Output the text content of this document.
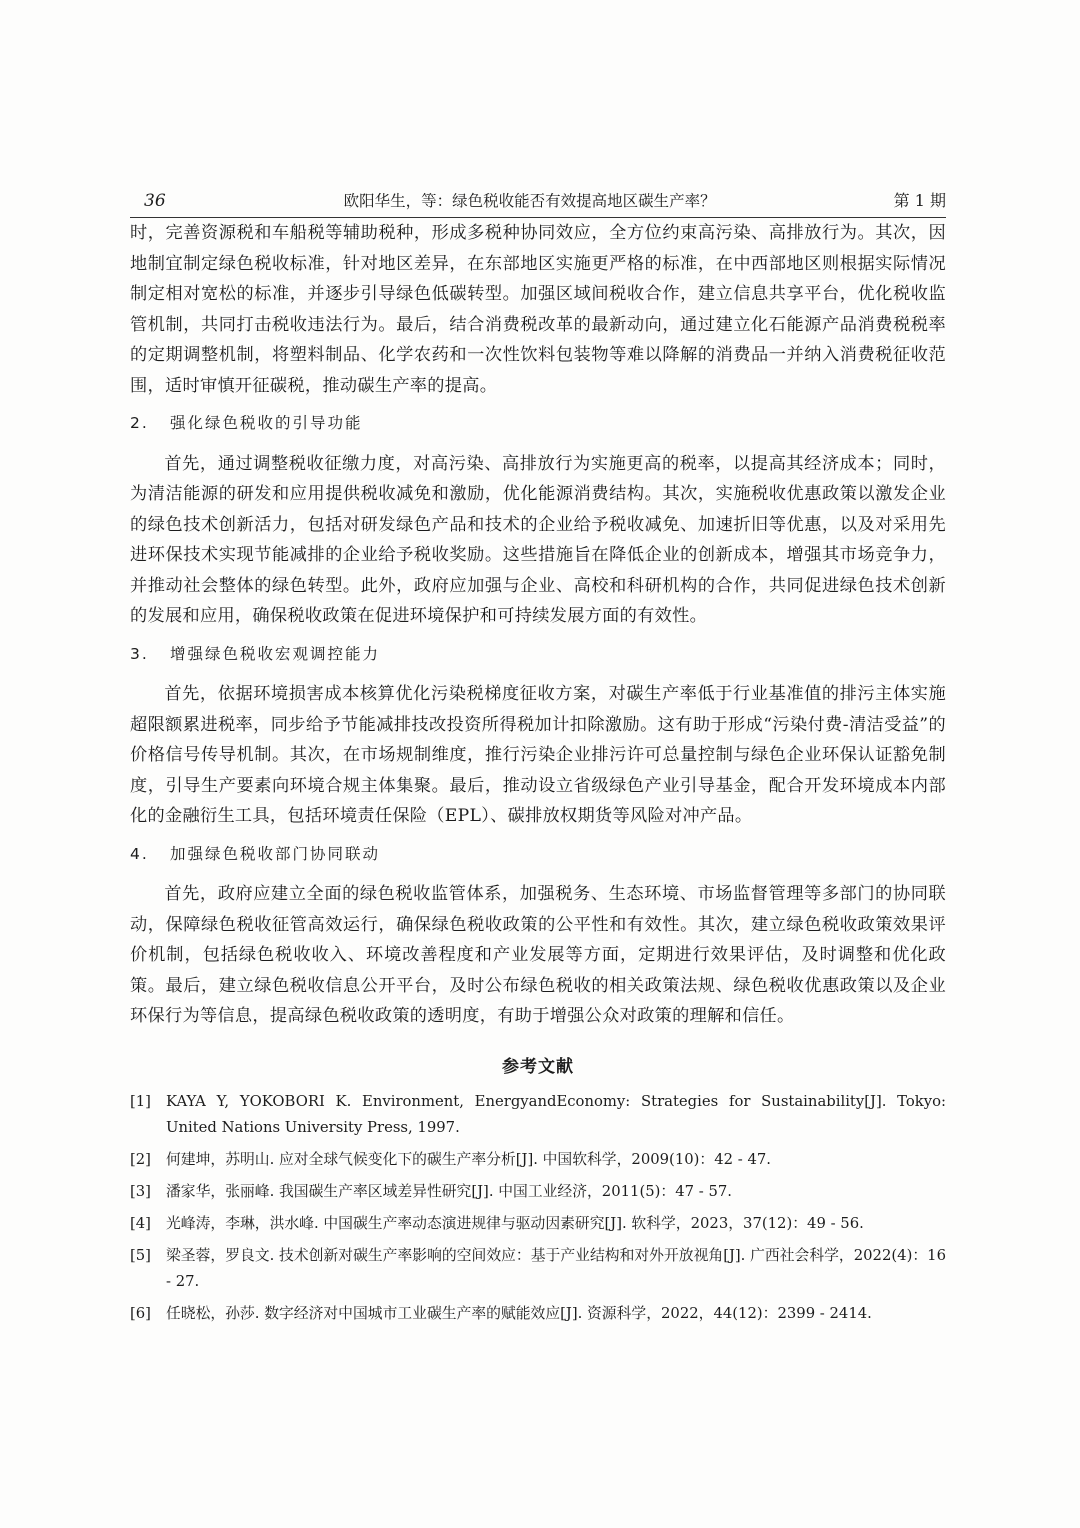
36	欧阳华生，等：绿色税收能否有效提高地区碳生产率？	第 1 期

时，完善资源税和车船税等辅助税种，形成多税种协同效应，全方位约束高污染、高排放行为。其次，因地制宜制定绿色税收标准，针对地区差异，在东部地区实施更严格的标准，在中西部地区则根据实际情况制定相对宽松的标准，并逐步引导绿色低碳转型。加强区域间税收合作，建立信息共享平台，优化税收监管机制，共同打击税收违法行为。最后，结合消费税改革的最新动向，通过建立化石能源产品消费税税率的定期调整机制，将塑料制品、化学农药和一次性饮料包装物等难以降解的消费品一并纳入消费税征收范围，适时审慎开征碳税，推动碳生产率的提高。

2. 强化绿色税收的引导功能

首先，通过调整税收征缴力度，对高污染、高排放行为实施更高的税率，以提高其经济成本；同时，为清洁能源的研发和应用提供税收减免和激励，优化能源消费结构。其次，实施税收优惠政策以激发企业的绿色技术创新活力，包括对研发绿色产品和技术的企业给予税收减免、加速折旧等优惠，以及对采用先进环保技术实现节能减排的企业给予税收奖励。这些措施旨在降低企业的创新成本，增强其市场竞争力，并推动社会整体的绿色转型。此外，政府应加强与企业、高校和科研机构的合作，共同促进绿色技术创新的发展和应用，确保税收政策在促进环境保护和可持续发展方面的有效性。

3. 增强绿色税收宏观调控能力

首先，依据环境损害成本核算优化污染税梯度征收方案，对碳生产率低于行业基准值的排污主体实施超限额累进税率，同步给予节能减排技改投资所得税加计扣除激励。这有助于形成“污染付费-清洁受益”的价格信号传导机制。其次，在市场规制维度，推行污染企业排污许可总量控制与绿色企业环保认证豁免制度，引导生产要素向环境合规主体集聚。最后，推动设立省级绿色产业引导基金，配合开发环境成本内部化的金融衍生工具，包括环境责任保险（EPL）、碳排放权期货等风险对冲产品。

4. 加强绿色税收部门协同联动

首先，政府应建立全面的绿色税收监管体系，加强税务、生态环境、市场监督管理等多部门的协同联动，保障绿色税收征管高效运行，确保绿色税收政策的公平性和有效性。其次，建立绿色税收政策效果评价机制，包括绿色税收收入、环境改善程度和产业发展等方面，定期进行效果评估，及时调整和优化政策。最后，建立绿色税收信息公开平台，及时公布绿色税收的相关政策法规、绿色税收优惠政策以及企业环保行为等信息，提高绿色税收政策的透明度，有助于增强公众对政策的理解和信任。

参考文献
[1]	KAYA Y, YOKOBORI K. Environment, EnergyandEconomy: Strategies for Sustainability[J]. Tokyo: United Nations University Press, 1997.
[2]	何建坤，苏明山. 应对全球气候变化下的碳生产率分析[J]. 中国软科学，2009(10)：42 - 47.
[3]	潘家华，张丽峰. 我国碳生产率区域差异性研究[J]. 中国工业经济，2011(5)：47 - 57.
[4]	光峰涛，李琳，洪水峰. 中国碳生产率动态演进规律与驱动因素研究[J]. 软科学，2023，37(12)：49 - 56.
[5]	梁圣蓉，罗良文. 技术创新对碳生产率影响的空间效应：基于产业结构和对外开放视角[J]. 广西社会科学，2022(4)：16 - 27.
[6]	任晓松，孙莎. 数字经济对中国城市工业碳生产率的赋能效应[J]. 资源科学，2022，44(12)：2399 - 2414.
